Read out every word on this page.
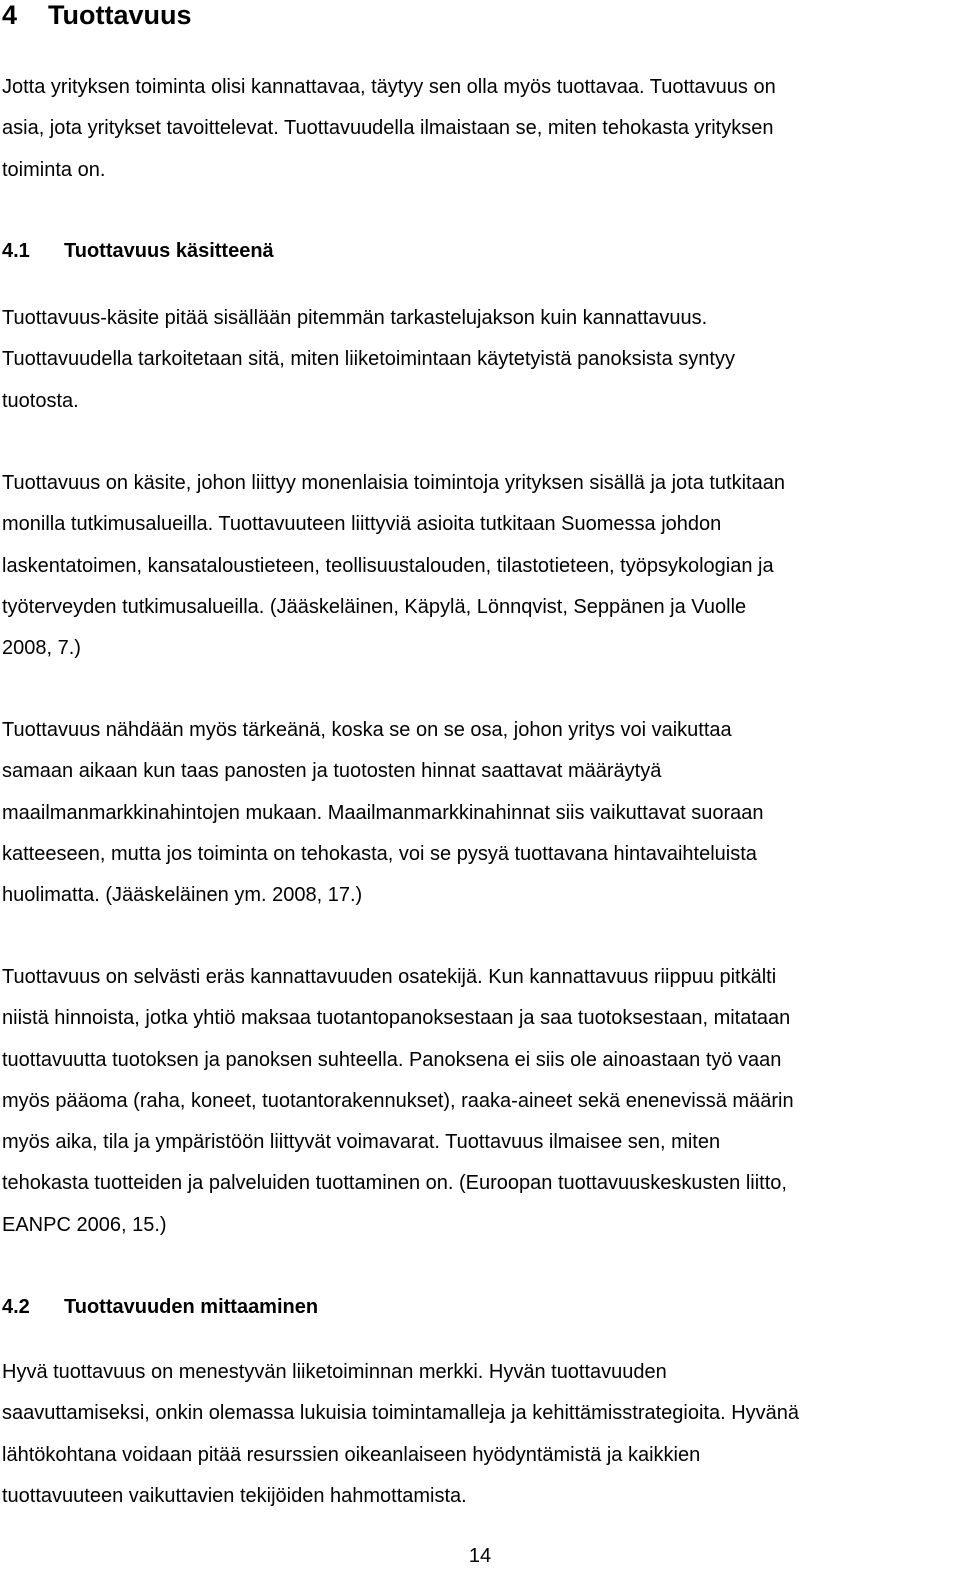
4 Tuottavuus

Jotta yrityksen toiminta olisi kannattavaa, täytyy sen olla myös tuottavaa. Tuottavuus on
asia, jota yritykset tavoittelevat. Tuottavuudella ilmaistaan se, miten tehokasta yrityksen
toiminta on.

4.1 Tuottavuus käsitteenä

Tuottavuus-käsite pitää sisällään pitemmän tarkastelujakson kuin kannattavuus.
Tuottavuudella tarkoitetaan sitä, miten liiketoimintaan käytetyistä panoksista syntyy
tuotosta.

Tuottavuus on käsite, johon liittyy monenlaisia toimintoja yrityksen sisällä ja jota tutkitaan
monilla tutkimusalueilla. Tuottavuuteen liittyviä asioita tutkitaan Suomessa johdon
laskentatoimen, kansataloustieteen, teollisuustalouden, tilastotieteen, työpsykologian ja
työterveyden tutkimusalueilla. (Jääskeläinen, Käpylä, Lönnqvist, Seppänen ja Vuolle
2008, 7.)

Tuottavuus nähdään myös tärkeänä, koska se on se osa, johon yritys voi vaikuttaa
samaan aikaan kun taas panosten ja tuotosten hinnat saattavat määräytyä
maailmanmarkkinahintojen mukaan. Maailmanmarkkinahinnat siis vaikuttavat suoraan
katteeseen, mutta jos toiminta on tehokasta, voi se pysyä tuottavana hintavaihteluista
huolimatta. (Jääskeläinen ym. 2008, 17.)

Tuottavuus on selvästi eräs kannattavuuden osatekijä. Kun kannattavuus riippuu pitkälti
niistä hinnoista, jotka yhtiö maksaa tuotantopanoksestaan ja saa tuotoksestaan, mitataan
tuottavuutta tuotoksen ja panoksen suhteella. Panoksena ei siis ole ainoastaan työ vaan
myös pääoma (raha, koneet, tuotantorakennukset), raaka-aineet sekä enenevissä määrin
myös aika, tila ja ympäristöön liittyvät voimavarat. Tuottavuus ilmaisee sen, miten
tehokasta tuotteiden ja palveluiden tuottaminen on. (Euroopan tuottavuuskeskusten liitto,
EANPC 2006, 15.)

4.2 Tuottavuuden mittaaminen

Hyvä tuottavuus on menestyvän liiketoiminnan merkki. Hyvän tuottavuuden
saavuttamiseksi, onkin olemassa lukuisia toimintamalleja ja kehittämisstrategioita. Hyvänä
lähtökohtana voidaan pitää resurssien oikeanlaiseen hyödyntämistä ja kaikkien
tuottavuuteen vaikuttavien tekijöiden hahmottamista.

14
